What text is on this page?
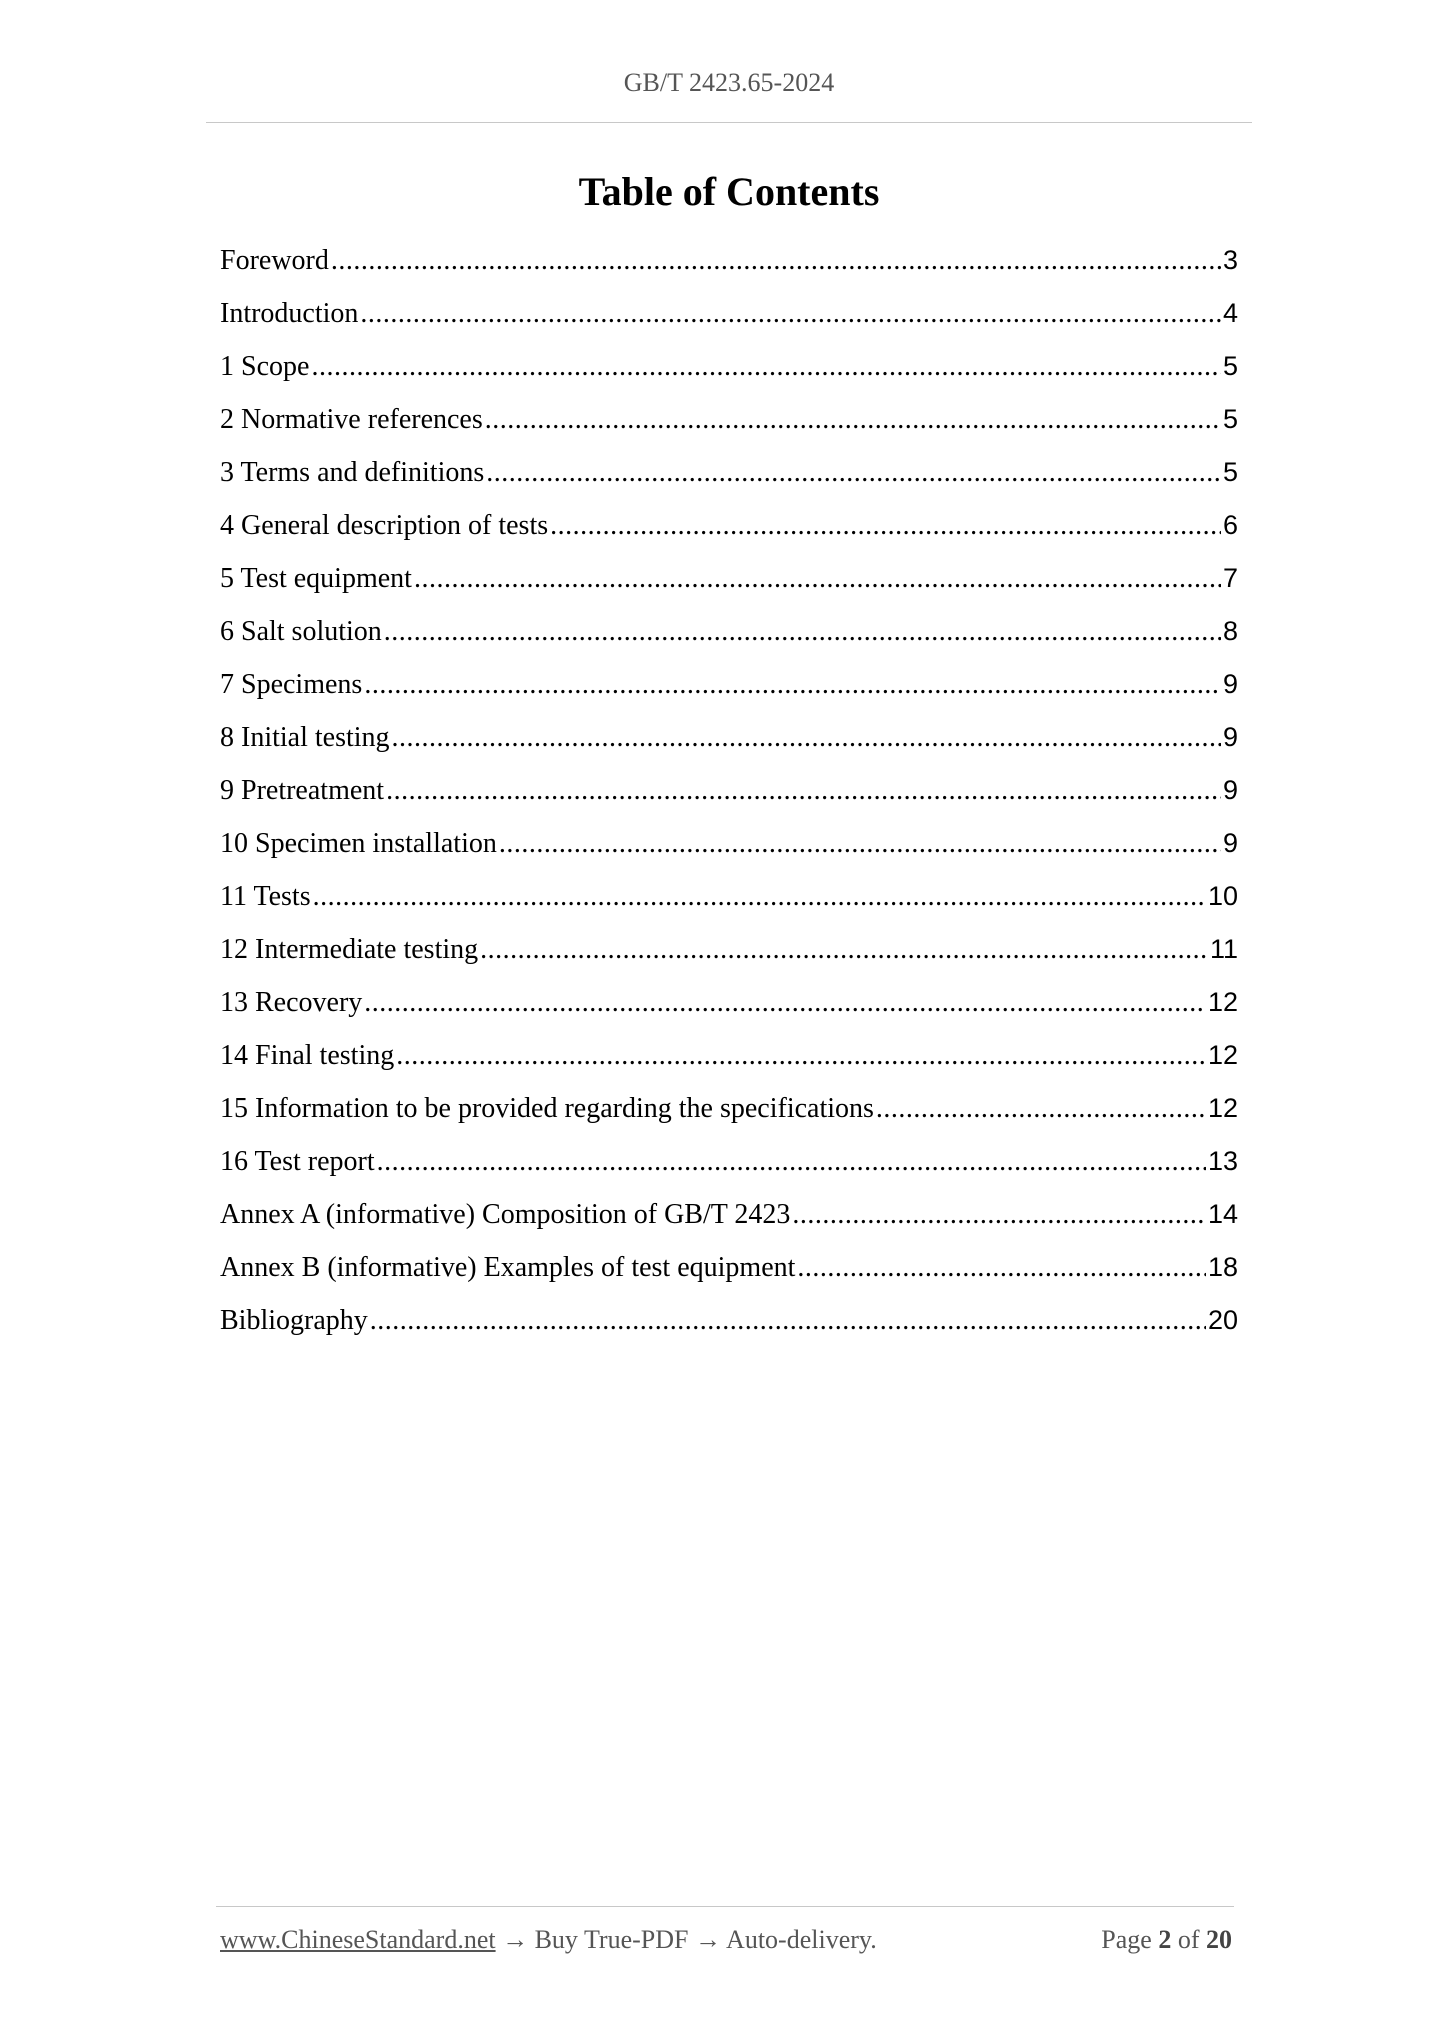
GB/T 2423.65-2024
Table of Contents
Foreword .....	3
Introduction .....	4
1 Scope .....	5
2 Normative references .....	5
3 Terms and definitions .....	5
4 General description of tests .....	6
5 Test equipment .....	7
6 Salt solution .....	8
7 Specimens .....	9
8 Initial testing .....	9
9 Pretreatment .....	9
10 Specimen installation .....	9
11 Tests .....	10
12 Intermediate testing .....	11
13 Recovery .....	12
14 Final testing .....	12
15 Information to be provided regarding the specifications .....	12
16 Test report .....	13
Annex A (informative) Composition of GB/T 2423 .....	14
Annex B (informative) Examples of test equipment .....	18
Bibliography .....	20
www.ChineseStandard.net → Buy True-PDF → Auto-delivery.	Page 2 of 20
